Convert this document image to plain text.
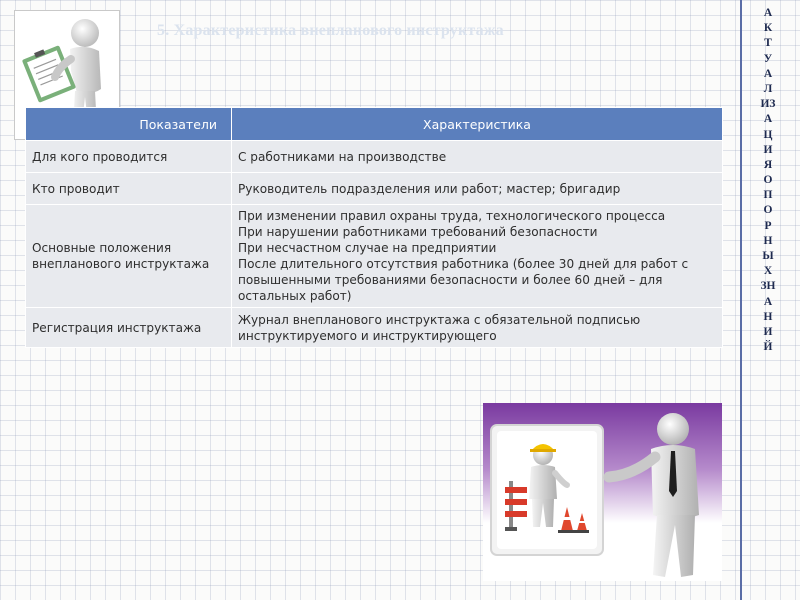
5. Характеристика внепланового инструктажа
Показатели	Характеристика
Для кого проводится	С работниками на производстве
Кто проводит	Руководитель подразделения или работ; мастер; бригадир
Основные положения внепланового инструктажа	При изменении правил охраны труда, технологического процесса
При нарушении работниками требований безопасности
При несчастном случае на предприятии
После длительного отсутствия работника (более 30 дней для работ с повышенными требованиями безопасности и более 60 дней – для остальных работ)

Регистрация инструктажа	Журнал внепланового инструктажа с обязательной подписью инструктируемого и инструктирующего
А
К
Т
У
А
Л
ИЗ
А
Ц
И
Я
О
П
О
Р
Н
Ы
Х
ЗН
А
Н
И
Й
